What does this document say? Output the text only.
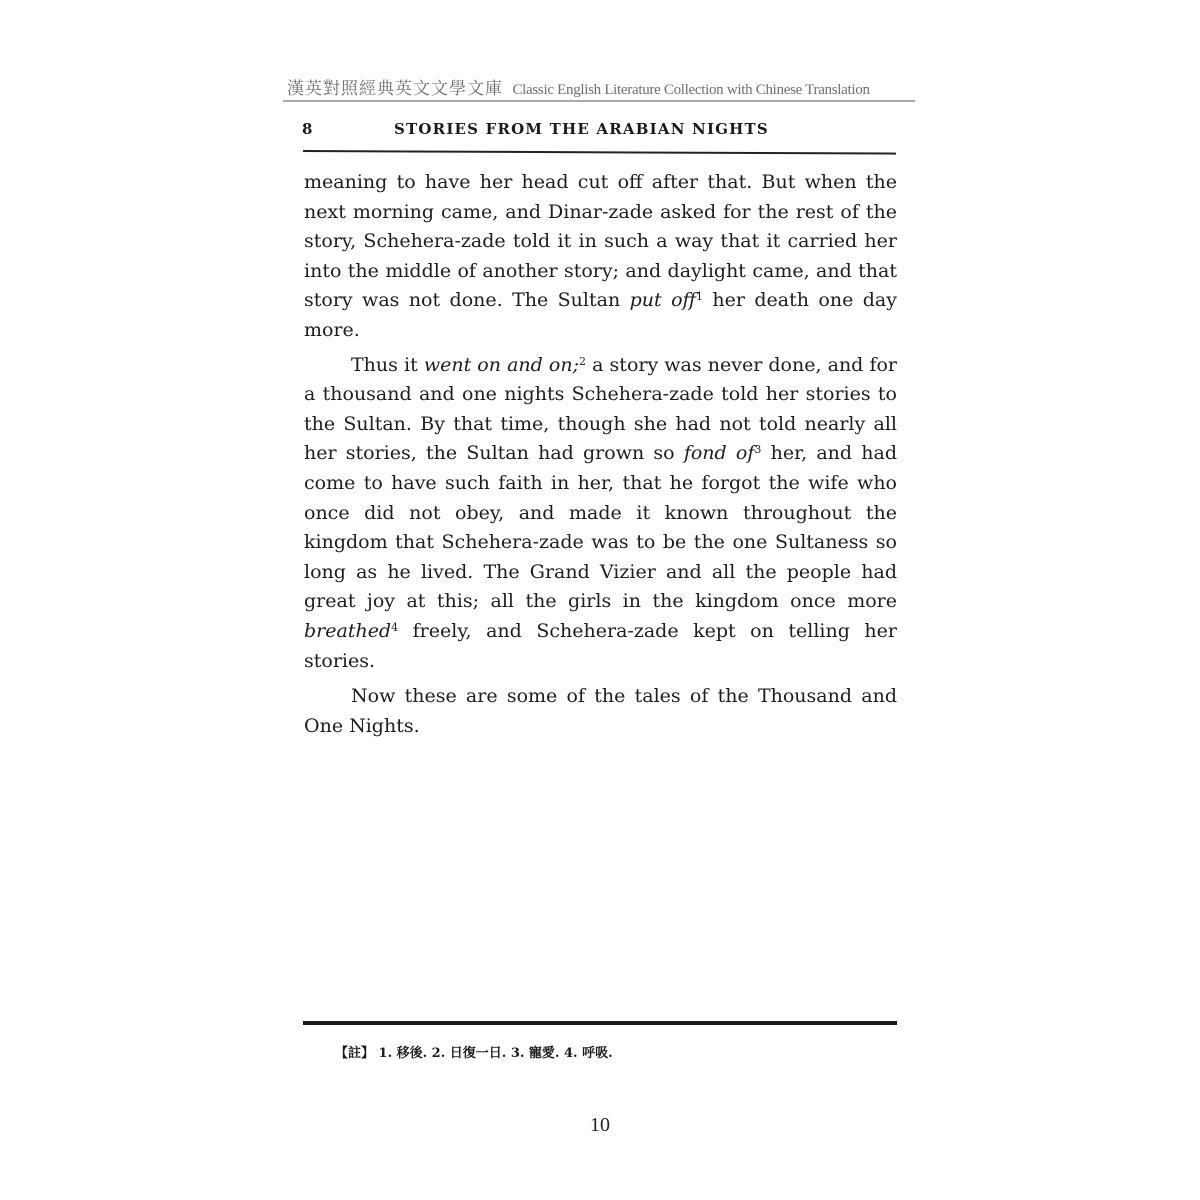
漢英對照經典英文文學文庫 Classic English Literature Collection with Chinese Translation
8	STORIES FROM THE ARABIAN NIGHTS

meaning to have her head cut off after that. But when the next morning came, and Dinar-zade asked for the rest of the story, Schehera-zade told it in such a way that it carried her into the middle of another story; and daylight came, and that story was not done. The Sultan put off$^1$ her death one day more.

Thus it went on and on;$^2$ a story was never done, and for a thousand and one nights Schehera-zade told her stories to the Sultan. By that time, though she had not told nearly all her stories, the Sultan had grown so fond $of^3$ her, and had come to have such faith in her, that he forgot the wife who once did not obey, and made it known throughout the kingdom that Schehera-zade was to be the one Sultaness so long as he lived. The Grand Vizier and all the people had great joy at this; all the girls in the kingdom once more breathed$^4$ freely, and Schehera-zade kept on telling her stories.

Now these are some of the tales of the Thousand and One Nights.

【註】 1. 移後. 2. 日復一日. 3. 寵愛. 4. 呼吸.
10
